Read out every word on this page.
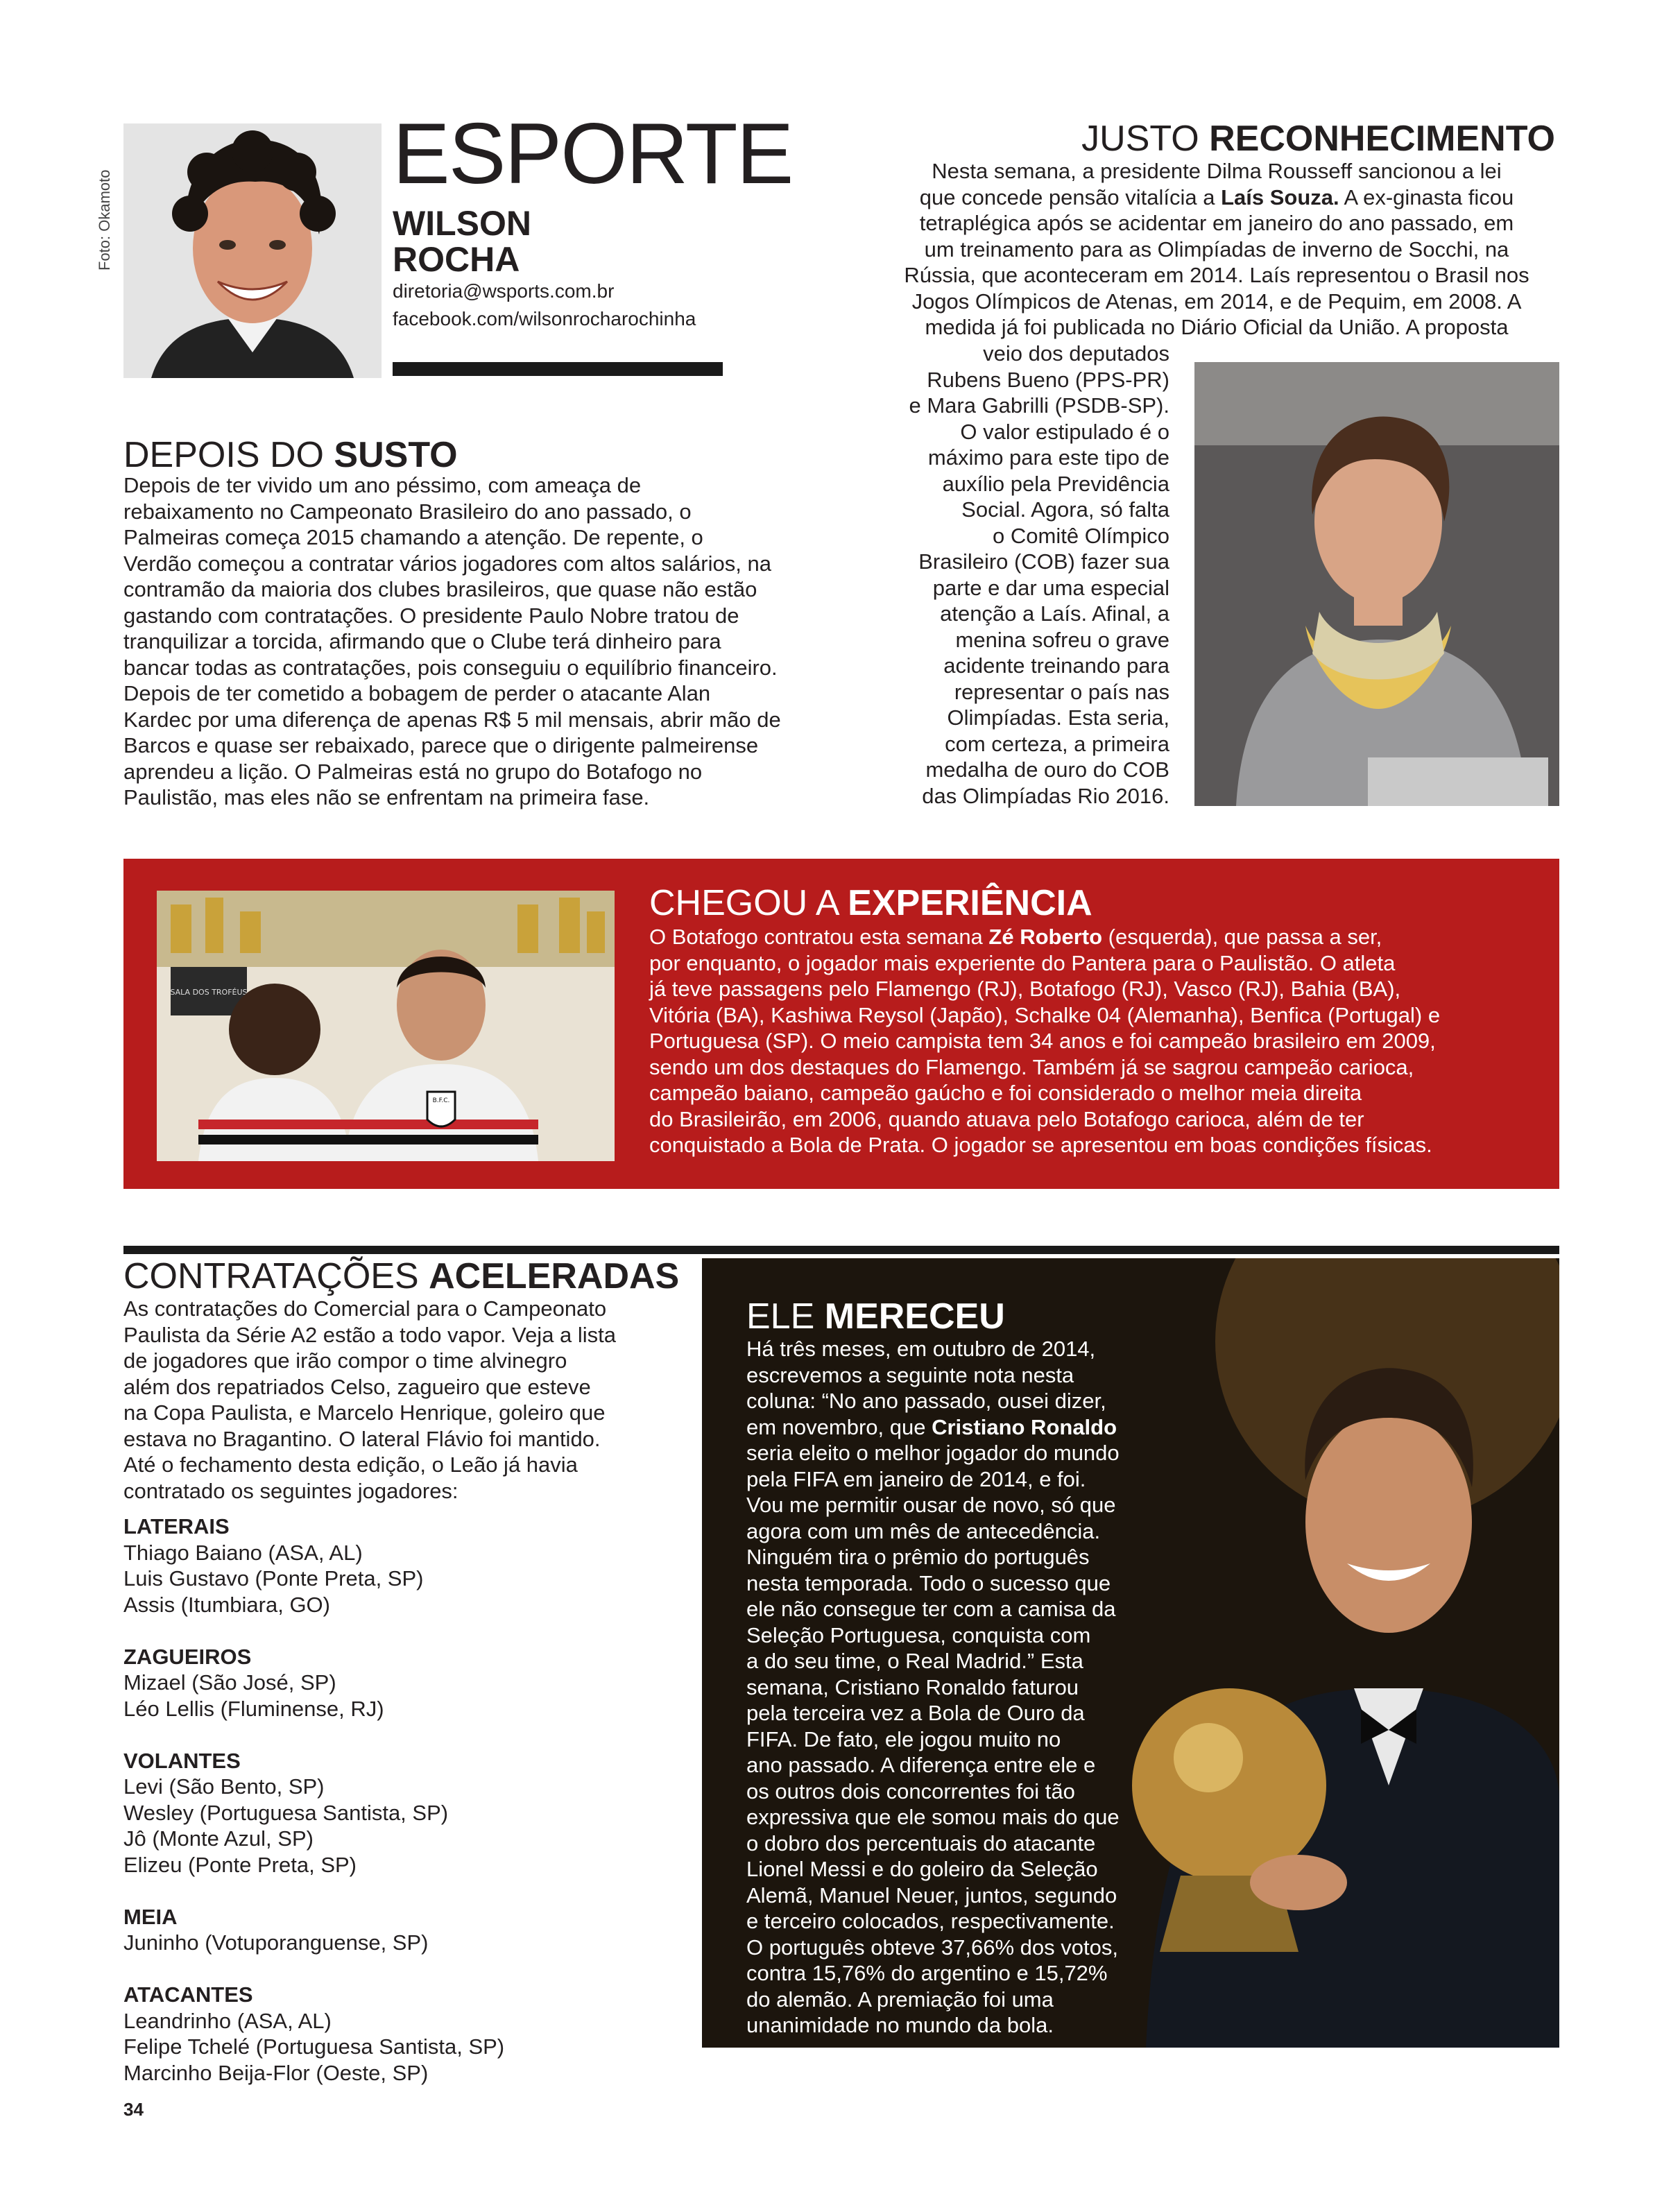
Foto: Okamoto
ESPORTE
WILSON
ROCHA
diretoria@wsports.com.br
facebook.com/wilsonrocharochinha
JUSTO RECONHECIMENTO

Nesta semana, a presidente Dilma Rousseff sancionou a lei

que concede pensão vitalícia a Laís Souza. A ex-ginasta ficou

tetraplégica após se acidentar em janeiro do ano passado, em

um treinamento para as Olimpíadas de inverno de Socchi, na

Rússia, que aconteceram em 2014. Laís representou o Brasil nos

Jogos Olímpicos de Atenas, em 2014, e de Pequim, em 2008. A

medida já foi publicada no Diário Oficial da União. A proposta

veio dos deputados

Rubens Bueno (PPS-PR)

e Mara Gabrilli (PSDB-SP).

O valor estipulado é o

máximo para este tipo de

auxílio pela Previdência

Social. Agora, só falta

o Comitê Olímpico

Brasileiro (COB) fazer sua

parte e dar uma especial

atenção a Laís. Afinal, a

menina sofreu o grave

acidente treinando para

representar o país nas

Olimpíadas. Esta seria,

com certeza, a primeira

medalha de ouro do COB

das Olimpíadas Rio 2016.

DEPOIS DO SUSTO

Depois de ter vivido um ano péssimo, com ameaça de

rebaixamento no Campeonato Brasileiro do ano passado, o

Palmeiras começa 2015 chamando a atenção. De repente, o

Verdão começou a contratar vários jogadores com altos salários, na

contramão da maioria dos clubes brasileiros, que quase não estão

gastando com contratações. O presidente Paulo Nobre tratou de

tranquilizar a torcida, afirmando que o Clube terá dinheiro para

bancar todas as contratações, pois conseguiu o equilíbrio financeiro.

Depois de ter cometido a bobagem de perder o atacante Alan

Kardec por uma diferença de apenas R$ 5 mil mensais, abrir mão de

Barcos e quase ser rebaixado, parece que o dirigente palmeirense

aprendeu a lição. O Palmeiras está no grupo do Botafogo no

Paulistão, mas eles não se enfrentam na primeira fase.

SALA DOS TROFÉUS
B.F.C.
CHEGOU A EXPERIÊNCIA

O Botafogo contratou esta semana Zé Roberto (esquerda), que passa a ser,

por enquanto, o jogador mais experiente do Pantera para o Paulistão. O atleta

já teve passagens pelo Flamengo (RJ), Botafogo (RJ), Vasco (RJ), Bahia (BA),

Vitória (BA), Kashiwa Reysol (Japão), Schalke 04 (Alemanha), Benfica (Portugal) e

Portuguesa (SP). O meio campista tem 34 anos e foi campeão brasileiro em 2009,

sendo um dos destaques do Flamengo. Também já se sagrou campeão carioca,

campeão baiano, campeão gaúcho e foi considerado o melhor meia direita

do Brasileirão, em 2006, quando atuava pelo Botafogo carioca, além de ter

conquistado a Bola de Prata. O jogador se apresentou em boas condições físicas.

CONTRATAÇÕES ACELERADAS

As contratações do Comercial para o Campeonato

Paulista da Série A2 estão a todo vapor. Veja a lista

de jogadores que irão compor o time alvinegro

além dos repatriados Celso, zagueiro que esteve

na Copa Paulista, e Marcelo Henrique, goleiro que

estava no Bragantino. O lateral Flávio foi mantido.

Até o fechamento desta edição, o Leão já havia

contratado os seguintes jogadores:

LATERAIS
Thiago Baiano (ASA, AL)
Luis Gustavo (Ponte Preta, SP)
Assis (Itumbiara, GO)
ZAGUEIROS
Mizael (São José, SP)
Léo Lellis (Fluminense, RJ)
VOLANTES
Levi (São Bento, SP)
Wesley (Portuguesa Santista, SP)
Jô (Monte Azul, SP)
Elizeu (Ponte Preta, SP)
MEIA
Juninho (Votuporanguense, SP)
ATACANTES
Leandrinho (ASA, AL)
Felipe Tchelé (Portuguesa Santista, SP)
Marcinho Beija-Flor (Oeste, SP)
ELE MERECEU

Há três meses, em outubro de 2014,

escrevemos a seguinte nota nesta

coluna: “No ano passado, ousei dizer,

em novembro, que Cristiano Ronaldo

seria eleito o melhor jogador do mundo

pela FIFA em janeiro de 2014, e foi.

Vou me permitir ousar de novo, só que

agora com um mês de antecedência.

Ninguém tira o prêmio do português

nesta temporada. Todo o sucesso que

ele não consegue ter com a camisa da

Seleção Portuguesa, conquista com

a do seu time, o Real Madrid.” Esta

semana, Cristiano Ronaldo faturou

pela terceira vez a Bola de Ouro da

FIFA. De fato, ele jogou muito no

ano passado. A diferença entre ele e

os outros dois concorrentes foi tão

expressiva que ele somou mais do que

o dobro dos percentuais do atacante

Lionel Messi e do goleiro da Seleção

Alemã, Manuel Neuer, juntos, segundo

e terceiro colocados, respectivamente.

O português obteve 37,66% dos votos,

contra 15,76% do argentino e 15,72%

do alemão. A premiação foi uma

unanimidade no mundo da bola.

34
